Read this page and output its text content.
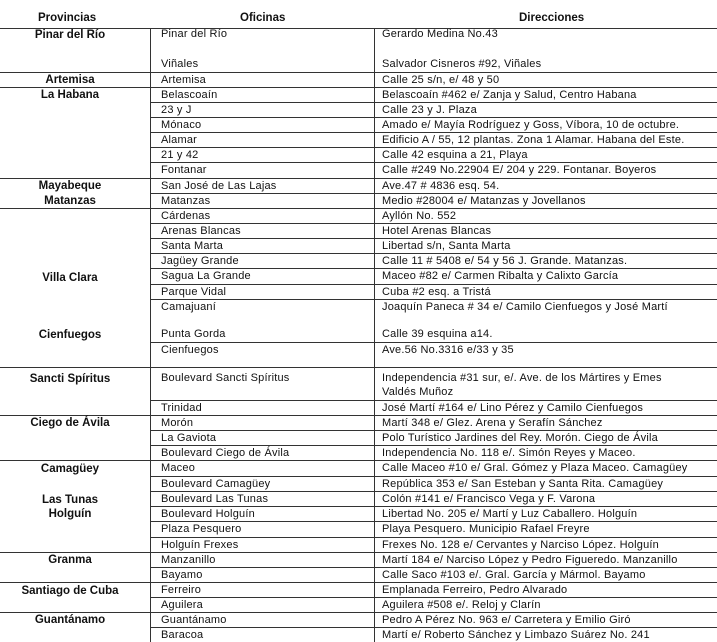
Provincias	Oficinas	Direcciones
Pinar del Río
Artemisa
La Habana
Mayabeque
Matanzas
Villa Clara
Cienfuegos
Sancti Spíritus
Ciego de Ávila
Camagüey
Las Tunas
Holguín
Granma
Santiago de Cuba
Guantánamo
Pinar del Río
Viñales
Artemisa
Belascoaín
23 y J
Mónaco
Alamar
21 y 42
Fontanar
San José de Las Lajas
Matanzas
Cárdenas
Arenas Blancas
Santa Marta
Jagüey Grande
Sagua La Grande
Parque Vidal
Camajuaní
Punta Gorda
Cienfuegos
Boulevard Sancti Spíritus
Trinidad
Morón
La Gaviota
Boulevard Ciego de Ávila
Maceo
Boulevard Camagüey
Boulevard Las Tunas
Boulevard Holguín
Plaza Pesquero
Holguín Frexes
Manzanillo
Bayamo
Ferreiro
Aguilera
Guantánamo
Baracoa
Gerardo Medina No.43
Salvador Cisneros #92, Viñales
Calle 25 s/n, e/ 48 y 50
Belascoaín #462 e/ Zanja y Salud, Centro Habana
Calle 23 y J. Plaza
Amado e/ Mayía Rodríguez y Goss, Víbora, 10 de octubre.
Edificio A / 55, 12 plantas. Zona 1 Alamar. Habana del Este.
Calle 42 esquina a 21, Playa
Calle #249 No.22904 E/ 204 y 229. Fontanar. Boyeros
Ave.47 # 4836 esq. 54.
Medio #28004 e/ Matanzas y Jovellanos
Ayllón No. 552
Hotel Arenas Blancas
Libertad s/n, Santa Marta
Calle 11 # 5408 e/ 54 y 56 J. Grande. Matanzas.
Maceo #82 e/ Carmen Ribalta y Calixto García
Cuba #2 esq. a Tristá
Joaquín Paneca # 34 e/ Camilo Cienfuegos y José Martí
Calle 39 esquina a14.
Ave.56 No.3316 e/33 y 35
Independencia #31 sur, e/. Ave. de los Mártires y Emes
Valdés Muñoz
José Martí #164 e/ Lino Pérez y Camilo Cienfuegos
Martí 348 e/ Glez. Arena y Serafín Sánchez
Polo Turístico Jardines del Rey. Morón. Ciego de Ávila
Independencia No. 118 e/. Simón Reyes y Maceo.
Calle Maceo #10 e/ Gral. Gómez y Plaza Maceo. Camagüey
República 353 e/ San Esteban y Santa Rita. Camagüey
Colón #141 e/ Francisco Vega y F. Varona
Libertad No. 205 e/ Martí y Luz Caballero. Holguín
Playa Pesquero. Municipio Rafael Freyre
Frexes No. 128 e/ Cervantes y Narciso López. Holguín
Martí 184 e/ Narciso López y Pedro Figueredo. Manzanillo
Calle Saco #103 e/. Gral. García y Mármol. Bayamo
Emplanada Ferreiro, Pedro Alvarado
Aguilera #508 e/. Reloj y Clarín
Pedro A Pérez No. 963 e/ Carretera y Emilio Giró
Martí e/ Roberto Sánchez y Limbazo Suárez No. 241
